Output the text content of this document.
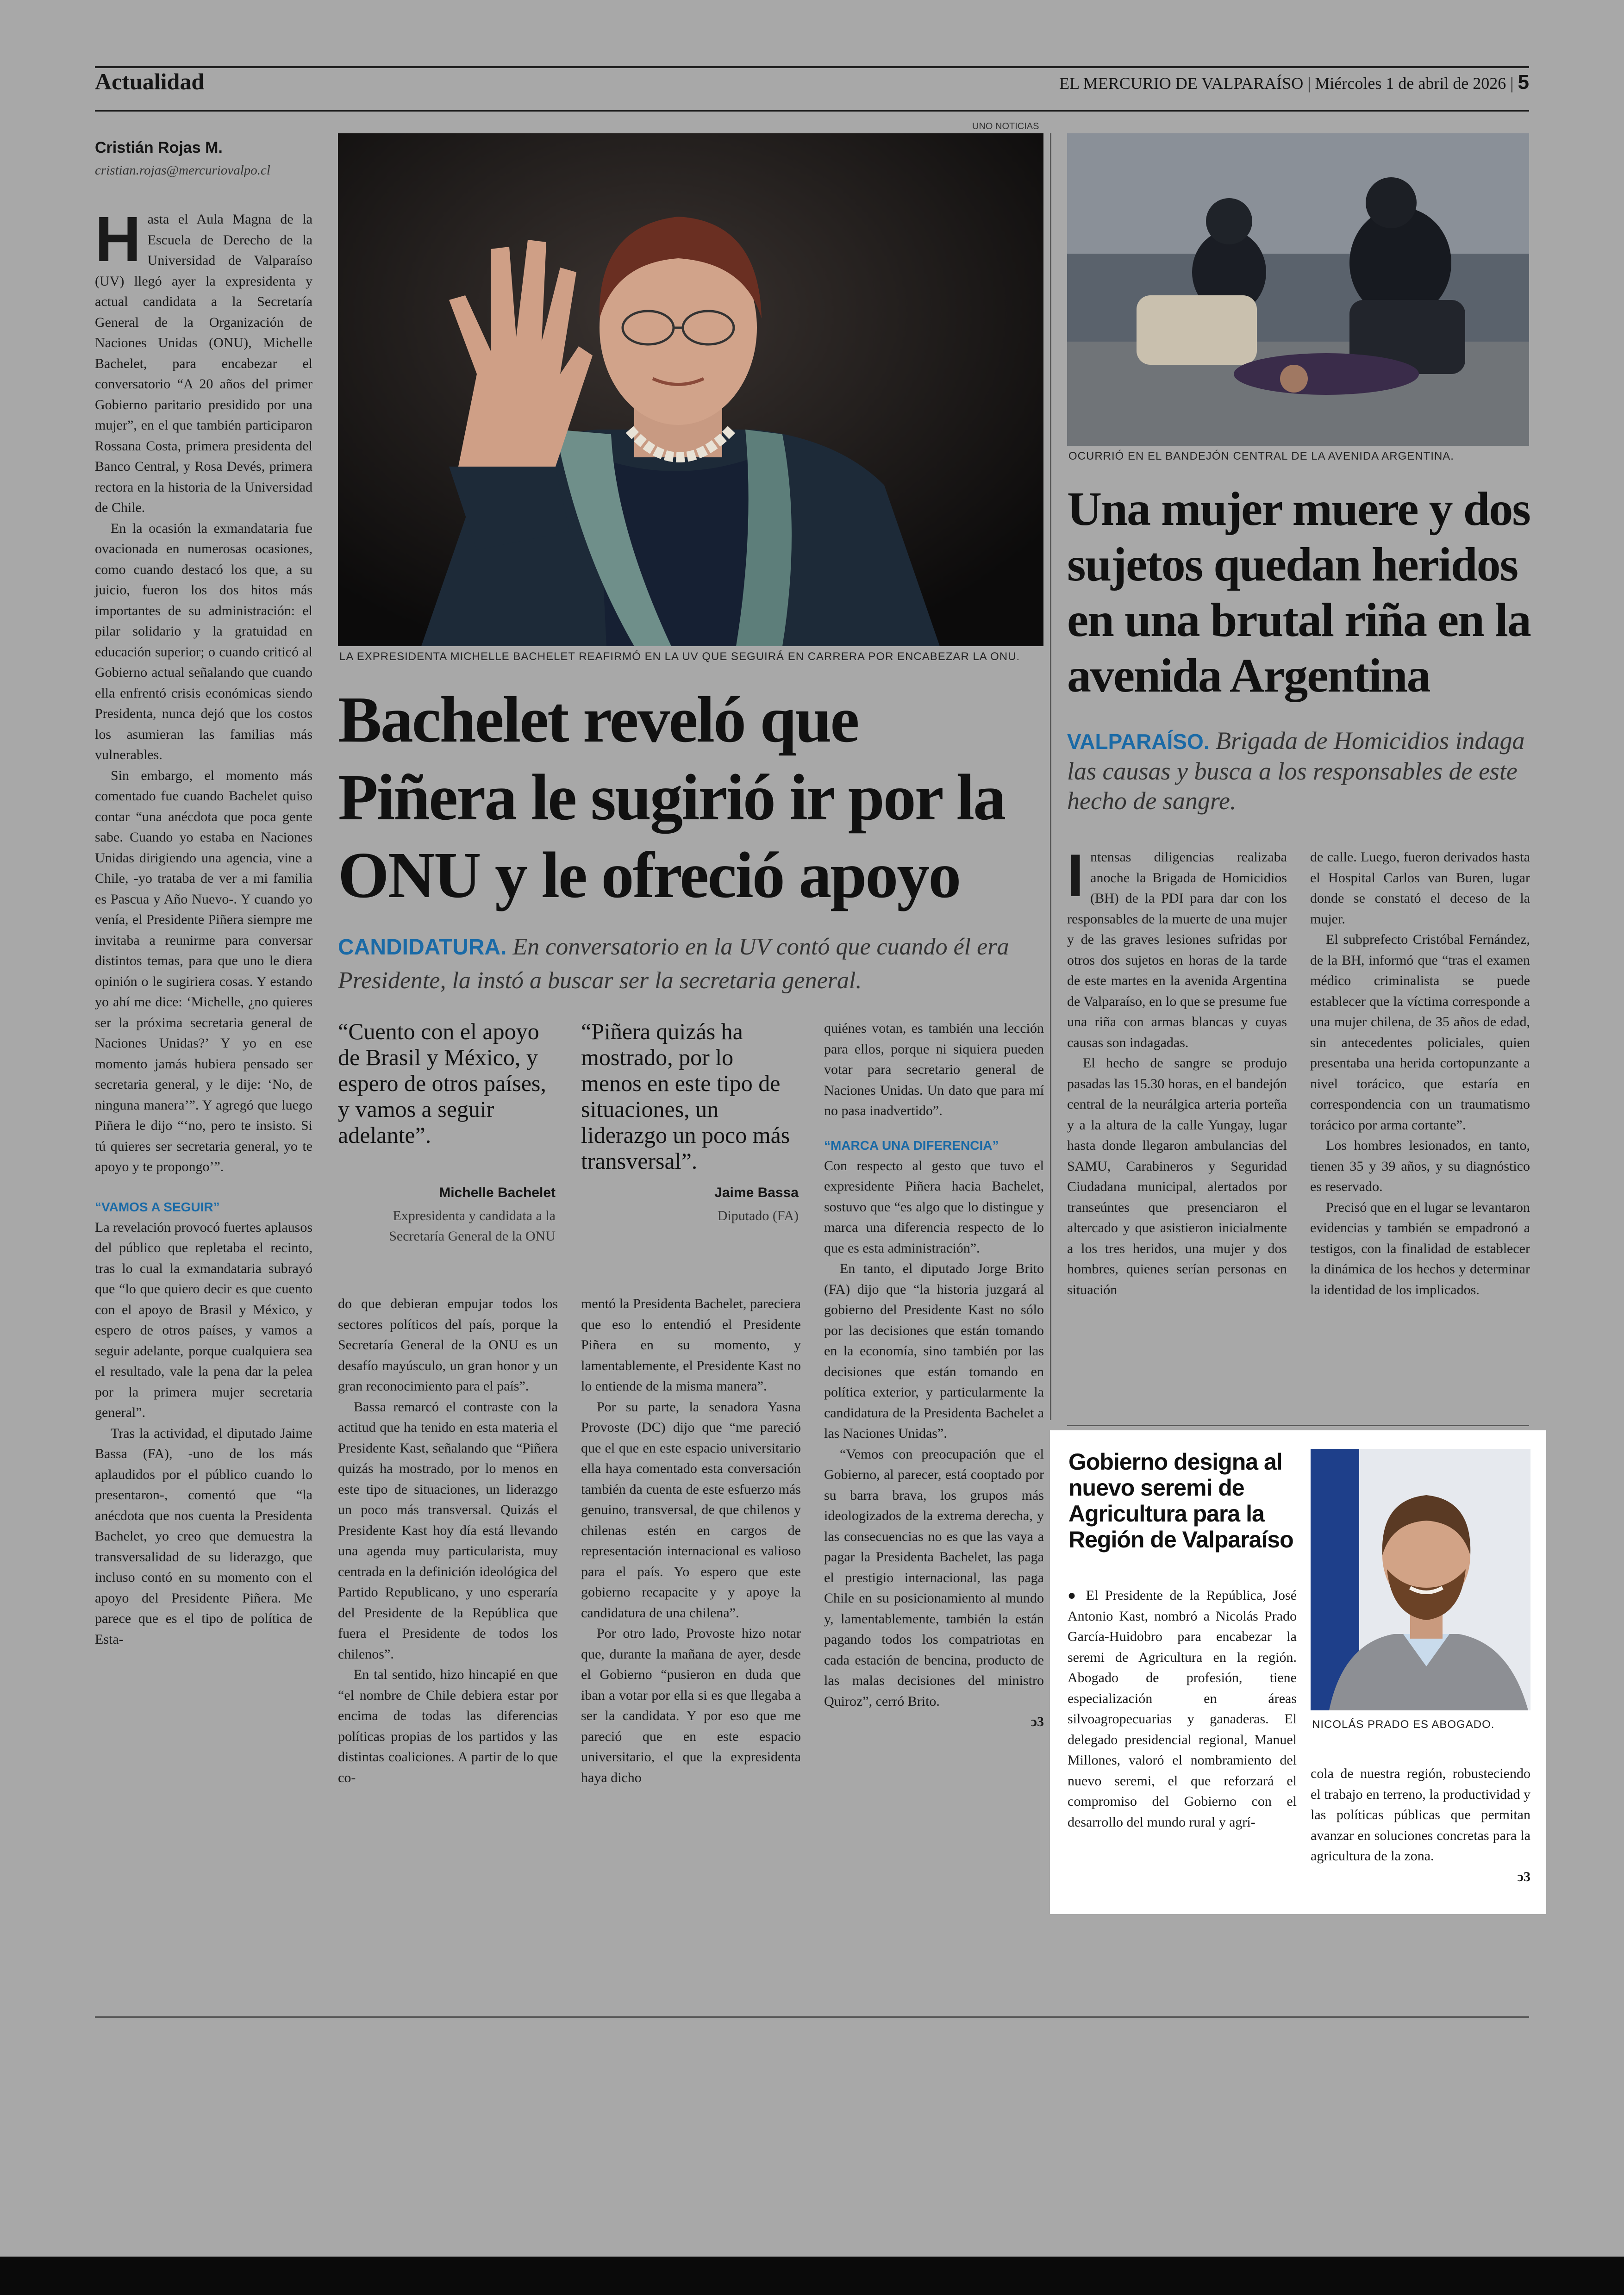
Actualidad	EL MERCURIO DE VALPARAÍSO | Miércoles 1 de abril de 2026 | 5
Cristián Rojas M.
cristian.rojas@mercuriovalpo.cl
H asta el Aula Magna de la Escuela de Derecho de la Universidad de Valparaíso (UV) llegó ayer la expresidenta y actual candidata a la Secretaría General de la Organización de Naciones Unidas (ONU), Michelle Bachelet, para encabezar el conversatorio “A 20 años del primer Gobierno paritario presidido por una mujer”, en el que también participaron Rossana Costa, primera presidenta del Banco Central, y Rosa Devés, primera rectora en la historia de la Universidad de Chile.

En la ocasión la exmandataria fue ovacionada en numerosas ocasiones, como cuando destacó los que, a su juicio, fueron los dos hitos más importantes de su administración: el pilar solidario y la gratuidad en educación superior; o cuando criticó al Gobierno actual señalando que cuando ella enfrentó crisis económicas siendo Presidenta, nunca dejó que los costos los asumieran las familias más vulnerables.

Sin embargo, el momento más comentado fue cuando Bachelet quiso contar “una anécdota que poca gente sabe. Cuando yo estaba en Naciones Unidas dirigiendo una agencia, vine a Chile, -yo trataba de ver a mi familia es Pascua y Año Nuevo-. Y cuando yo venía, el Presidente Piñera siempre me invitaba a reunirme para conversar distintos temas, para que uno le diera opinión o le sugiriera cosas. Y estando yo ahí me dice: ‘Michelle, ¿no quieres ser la próxima secretaria general de Naciones Unidas?’ Y yo en ese momento jamás hubiera pensado ser secretaria general, y le dije: ‘No, de ninguna manera’”. Y agregó que luego Piñera le dijo “‘no, pero te insisto. Si tú quieres ser secretaria general, yo te apoyo y te propongo’”.

“VAMOS A SEGUIR”

La revelación provocó fuertes aplausos del público que repletaba el recinto, tras lo cual la exmandataria subrayó que “lo que quiero decir es que cuento con el apoyo de Brasil y México, y espero de otros países, y vamos a seguir adelante, porque cualquiera sea el resultado, vale la pena dar la pelea por la primera mujer secretaria general”.

Tras la actividad, el diputado Jaime Bassa (FA), -uno de los más aplaudidos por el público cuando lo presentaron-, comentó que “la anécdota que nos cuenta la Presidenta Bachelet, yo creo que demuestra la transversalidad de su liderazgo, que incluso contó en su momento con el apoyo del Presidente Piñera. Me parece que es el tipo de política de Esta-

UNO NOTICIAS
LA EXPRESIDENTA MICHELLE BACHELET REAFIRMÓ EN LA UV QUE SEGUIRÁ EN CARRERA POR ENCABEZAR LA ONU.
Bachelet reveló que Piñera le sugirió ir por la ONU y le ofreció apoyo
CANDIDATURA. En conversatorio en la UV contó que cuando él era Presidente, la instó a buscar ser la secretaria general.
“Cuento con el apoyo de Brasil y México, y espero de otros países, y vamos a seguir adelante”.
Michelle Bachelet
Expresidenta y candidata a la Secretaría General de la ONU
“Piñera quizás ha mostrado, por lo menos en este tipo de situaciones, un liderazgo un poco más transversal”.
Jaime Bassa
Diputado (FA)

do que debieran empujar todos los sectores políticos del país, porque la Secretaría General de la ONU es un desafío mayúsculo, un gran honor y un gran reconocimiento para el país”.

Bassa remarcó el contraste con la actitud que ha tenido en esta materia el Presidente Kast, señalando que “Piñera quizás ha mostrado, por lo menos en este tipo de situaciones, un liderazgo un poco más transversal. Quizás el Presidente Kast hoy día está llevando una agenda muy particularista, muy centrada en la definición ideológica del Partido Republicano, y uno esperaría del Presidente de la República que fuera el Presidente de todos los chilenos”.

En tal sentido, hizo hincapié en que “el nombre de Chile debiera estar por encima de todas las diferencias políticas propias de los partidos y las distintas coaliciones. A partir de lo que co-

mentó la Presidenta Bachelet, pareciera que eso lo entendió el Presidente Piñera en su momento, y lamentablemente, el Presidente Kast no lo entiende de la misma manera”.

Por su parte, la senadora Yasna Provoste (DC) dijo que “me pareció que el que en este espacio universitario ella haya comentado esta conversación también da cuenta de este esfuerzo más genuino, transversal, de que chilenos y chilenas estén en cargos de representación internacional es valioso para el país. Yo espero que este gobierno recapacite y y apoye la candidatura de una chilena”.

Por otro lado, Provoste hizo notar que, durante la mañana de ayer, desde el Gobierno “pusieron en duda que iban a votar por ella si es que llegaba a ser la candidata. Y por eso que me pareció que en este espacio universitario, el que la expresidenta haya dicho

quiénes votan, es también una lección para ellos, porque ni siquiera pueden votar para secretario general de Naciones Unidas. Un dato que para mí no pasa inadvertido”.

“MARCA UNA DIFERENCIA”

Con respecto al gesto que tuvo el expresidente Piñera hacia Bachelet, sostuvo que “es algo que lo distingue y marca una diferencia respecto de lo que es esta administración”.

En tanto, el diputado Jorge Brito (FA) dijo que “la historia juzgará al gobierno del Presidente Kast no sólo por las decisiones que están tomando en la economía, sino también por las decisiones que están tomando en política exterior, y particularmente la candidatura de la Presidenta Bachelet a las Naciones Unidas”.

“Vemos con preocupación que el Gobierno, al parecer, está cooptado por su barra brava, los grupos más ideologizados de la extrema derecha, y las consecuencias no es que las vaya a pagar la Presidenta Bachelet, las paga el prestigio internacional, las paga Chile en su posicionamiento al mundo y, lamentablemente, también la están pagando todos los compatriotas en cada estación de bencina, producto de las malas decisiones del ministro Quiroz”, cerró Brito.

ↄ3
OCURRIÓ EN EL BANDEJÓN CENTRAL DE LA AVENIDA ARGENTINA.
Una mujer muere y dos sujetos quedan heridos en una brutal riña en la avenida Argentina
VALPARAÍSO. Brigada de Homicidios indaga las causas y busca a los responsables de este hecho de sangre.
I ntensas diligencias realizaba anoche la Brigada de Homicidios (BH) de la PDI para dar con los responsables de la muerte de una mujer y de las graves lesiones sufridas por otros dos sujetos en horas de la tarde de este martes en la avenida Argentina de Valparaíso, en lo que se presume fue una riña con armas blancas y cuyas causas son indagadas.

El hecho de sangre se produjo pasadas las 15.30 horas, en el bandejón central de la neurálgica arteria porteña y a la altura de la calle Yungay, lugar hasta donde llegaron ambulancias del SAMU, Carabineros y Seguridad Ciudadana municipal, alertados por transeúntes que presenciaron el altercado y que asistieron inicialmente a los tres heridos, una mujer y dos hombres, quienes serían personas en situación

de calle. Luego, fueron derivados hasta el Hospital Carlos van Buren, lugar donde se constató el deceso de la mujer.

El subprefecto Cristóbal Fernández, de la BH, informó que “tras el examen médico criminalista se puede establecer que la víctima corresponde a una mujer chilena, de 35 años de edad, sin antecedentes policiales, quien presentaba una herida cortopunzante a nivel torácico, que estaría en correspondencia con un traumatismo torácico por arma cortante”.

Los hombres lesionados, en tanto, tienen 35 y 39 años, y su diagnóstico es reservado.

Precisó que en el lugar se levantaron evidencias y también se empadronó a testigos, con la finalidad de establecer la dinámica de los hechos y determinar la identidad de los implicados.

Gobierno designa al nuevo seremi de Agricultura para la Región de Valparaíso

● El Presidente de la República, José Antonio Kast, nombró a Nicolás Prado García-Huidobro para encabezar la seremi de Agricultura en la región. Abogado de profesión, tiene especialización en áreas silvoagropecuarias y ganaderas. El delegado presidencial regional, Manuel Millones, valoró el nombramiento del nuevo seremi, el que reforzará el compromiso del Gobierno con el desarrollo del mundo rural y agrí-

NICOLÁS PRADO ES ABOGADO.

cola de nuestra región, robusteciendo el trabajo en terreno, la productividad y las políticas públicas que permitan avanzar en soluciones concretas para la agricultura de la zona.

ↄ3
